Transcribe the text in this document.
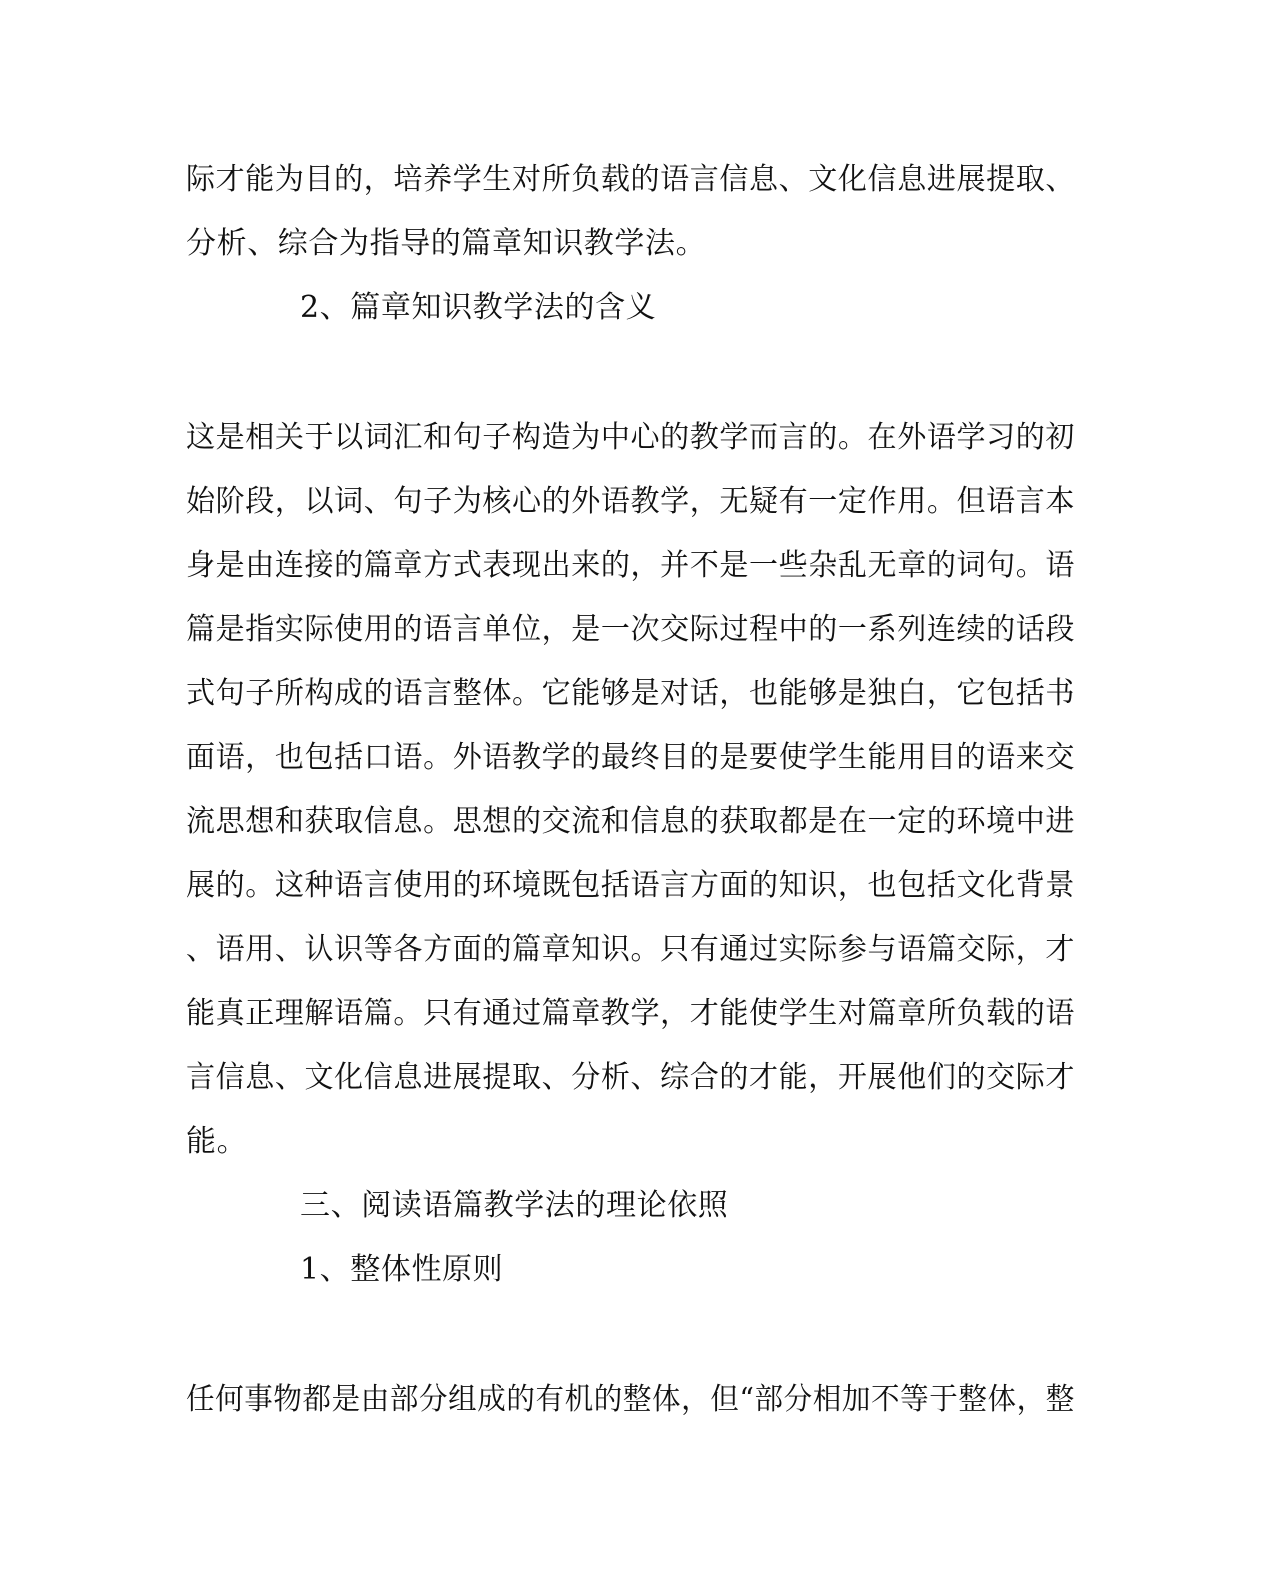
际才能为目的，培养学生对所负载的语言信息、文化信息进展提取、
分析、综合为指导的篇章知识教学法。
2、篇章知识教学法的含义
这是相关于以词汇和句子构造为中心的教学而言的。在外语学习的初
始阶段，以词、句子为核心的外语教学，无疑有一定作用。但语言本
身是由连接的篇章方式表现出来的，并不是一些杂乱无章的词句。语
篇是指实际使用的语言单位，是一次交际过程中的一系列连续的话段
式句子所构成的语言整体。它能够是对话，也能够是独白，它包括书
面语，也包括口语。外语教学的最终目的是要使学生能用目的语来交
流思想和获取信息。思想的交流和信息的获取都是在一定的环境中进
展的。这种语言使用的环境既包括语言方面的知识，也包括文化背景
、语用、认识等各方面的篇章知识。只有通过实际参与语篇交际，才
能真正理解语篇。只有通过篇章教学，才能使学生对篇章所负载的语
言信息、文化信息进展提取、分析、综合的才能，开展他们的交际才
能。
三、阅读语篇教学法的理论依照
1、整体性原则
任何事物都是由部分组成的有机的整体，但“部分相加不等于整体，整
